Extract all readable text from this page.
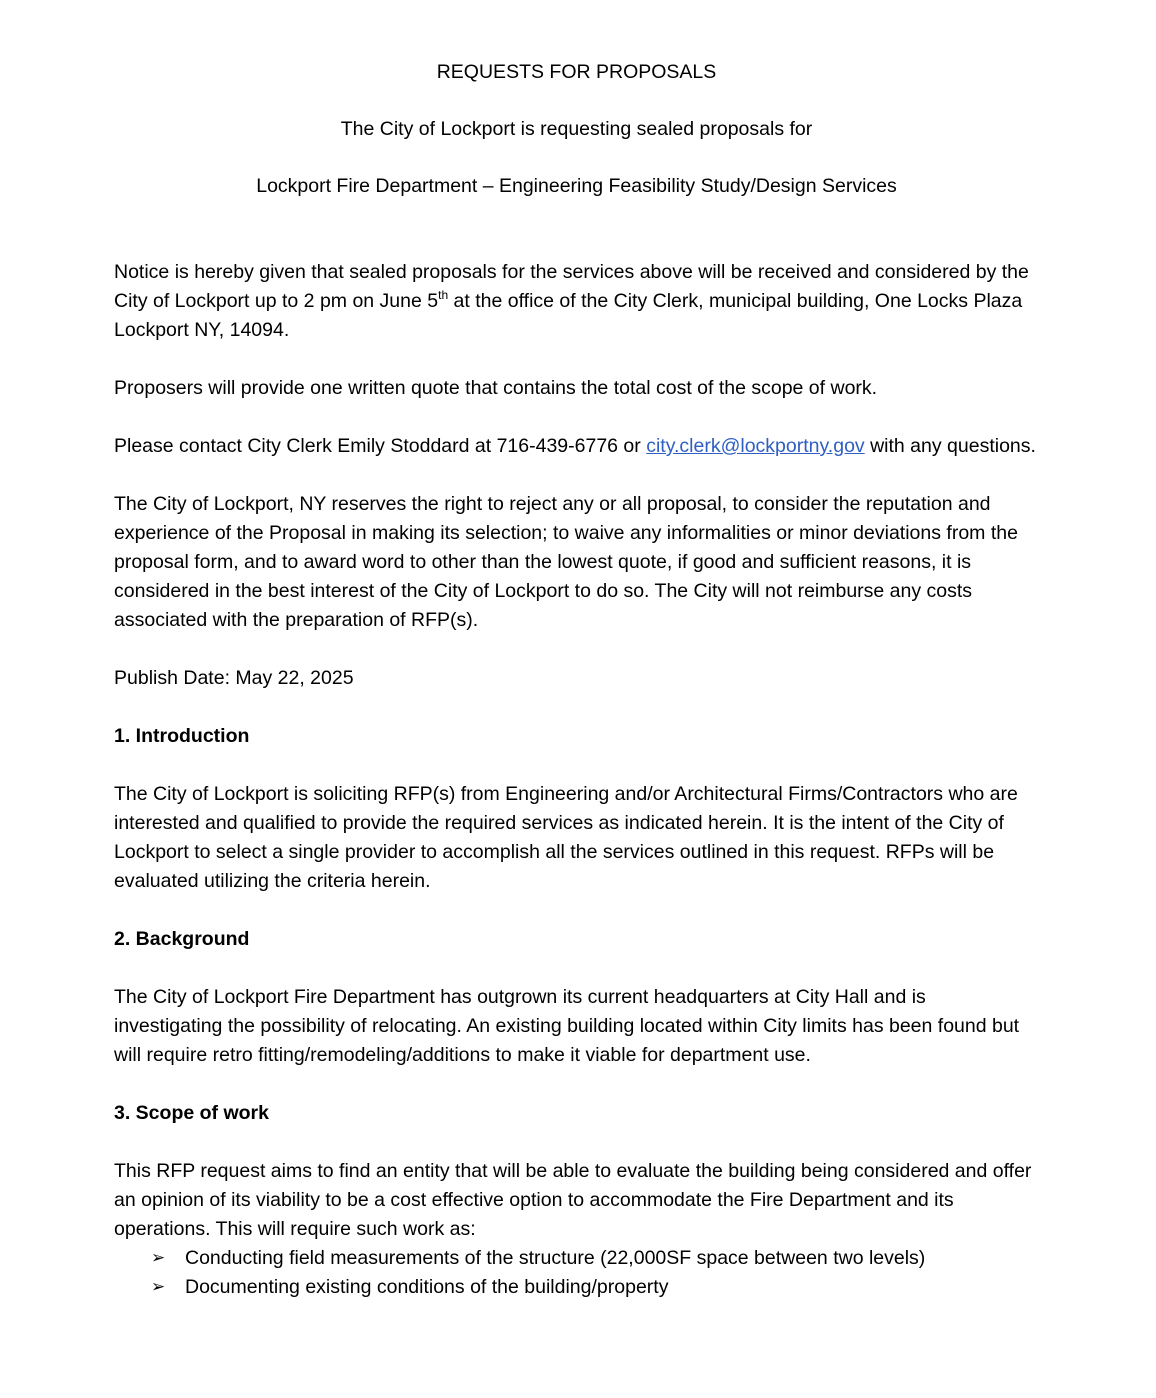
REQUESTS FOR PROPOSALS

The City of Lockport is requesting sealed proposals for

Lockport Fire Department – Engineering Feasibility Study/Design Services

Notice is hereby given that sealed proposals for the services above will be received and considered by the City of Lockport up to 2 pm on June 5th at the office of the City Clerk, municipal building, One Locks Plaza Lockport NY, 14094.

Proposers will provide one written quote that contains the total cost of the scope of work.

Please contact City Clerk Emily Stoddard at 716-439-6776 or city.clerk@lockportny.gov with any questions.

The City of Lockport, NY reserves the right to reject any or all proposal, to consider the reputation and experience of the Proposal in making its selection; to waive any informalities or minor deviations from the proposal form, and to award word to other than the lowest quote, if good and sufficient reasons, it is considered in the best interest of the City of Lockport to do so. The City will not reimburse any costs associated with the preparation of RFP(s).

Publish Date: May 22, 2025

1. Introduction

The City of Lockport is soliciting RFP(s) from Engineering and/or Architectural Firms/Contractors who are interested and qualified to provide the required services as indicated herein. It is the intent of the City of Lockport to select a single provider to accomplish all the services outlined in this request. RFPs will be evaluated utilizing the criteria herein.

2. Background

The City of Lockport Fire Department has outgrown its current headquarters at City Hall and is investigating the possibility of relocating. An existing building located within City limits has been found but will require retro fitting/remodeling/additions to make it viable for department use.

3. Scope of work

This RFP request aims to find an entity that will be able to evaluate the building being considered and offer an opinion of its viability to be a cost effective option to accommodate the Fire Department and its operations. This will require such work as:

➢ Conducting field measurements of the structure (22,000SF space between two levels)
➢ Documenting existing conditions of the building/property
